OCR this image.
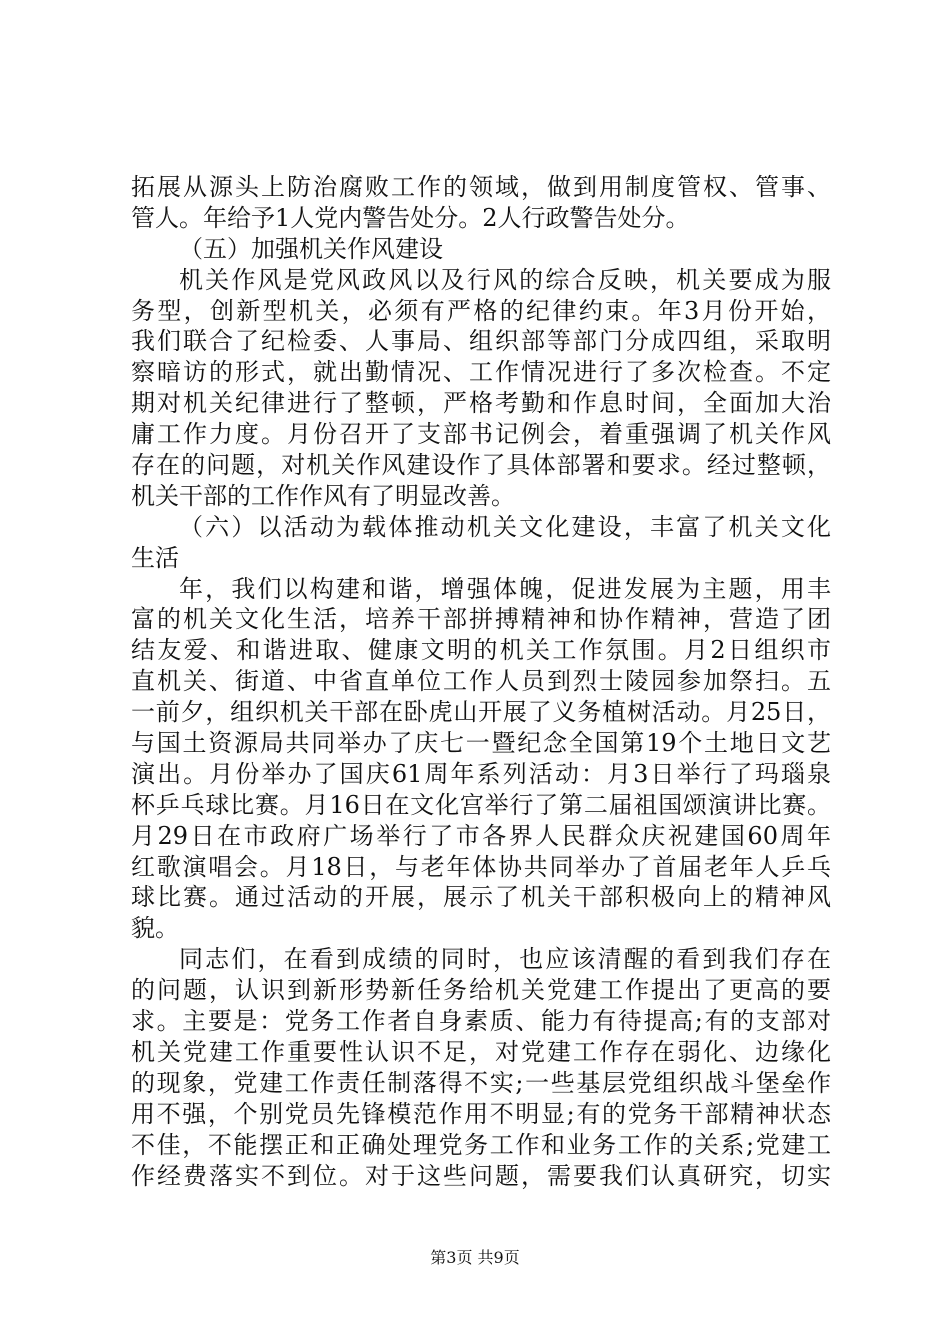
拓展从源头上防治腐败工作的领域，做到用制度管权、管事、
管人。年给予1人党内警告处分。2人行政警告处分。
（五）加强机关作风建设
机关作风是党风政风以及行风的综合反映，机关要成为服
务型，创新型机关，必须有严格的纪律约束。年3月份开始，
我们联合了纪检委、人事局、组织部等部门分成四组，采取明
察暗访的形式，就出勤情况、工作情况进行了多次检查。不定
期对机关纪律进行了整顿，严格考勤和作息时间，全面加大治
庸工作力度。月份召开了支部书记例会，着重强调了机关作风
存在的问题，对机关作风建设作了具体部署和要求。经过整顿，
机关干部的工作作风有了明显改善。
（六）以活动为载体推动机关文化建设，丰富了机关文化
生活
年，我们以构建和谐，增强体魄，促进发展为主题，用丰
富的机关文化生活，培养干部拼搏精神和协作精神，营造了团
结友爱、和谐进取、健康文明的机关工作氛围。月2日组织市
直机关、街道、中省直单位工作人员到烈士陵园参加祭扫。五
一前夕，组织机关干部在卧虎山开展了义务植树活动。月25日，
与国土资源局共同举办了庆七一暨纪念全国第19个土地日文艺
演出。月份举办了国庆61周年系列活动：月3日举行了玛瑙泉
杯乒乓球比赛。月16日在文化宫举行了第二届祖国颂演讲比赛。
月29日在市政府广场举行了市各界人民群众庆祝建国60周年
红歌演唱会。月18日，与老年体协共同举办了首届老年人乒乓
球比赛。通过活动的开展，展示了机关干部积极向上的精神风
貌。
同志们，在看到成绩的同时，也应该清醒的看到我们存在
的问题，认识到新形势新任务给机关党建工作提出了更高的要
求。主要是：党务工作者自身素质、能力有待提高;有的支部对
机关党建工作重要性认识不足，对党建工作存在弱化、边缘化
的现象，党建工作责任制落得不实;一些基层党组织战斗堡垒作
用不强，个别党员先锋模范作用不明显;有的党务干部精神状态
不佳，不能摆正和正确处理党务工作和业务工作的关系;党建工
作经费落实不到位。对于这些问题，需要我们认真研究，切实
第3页 共9页
